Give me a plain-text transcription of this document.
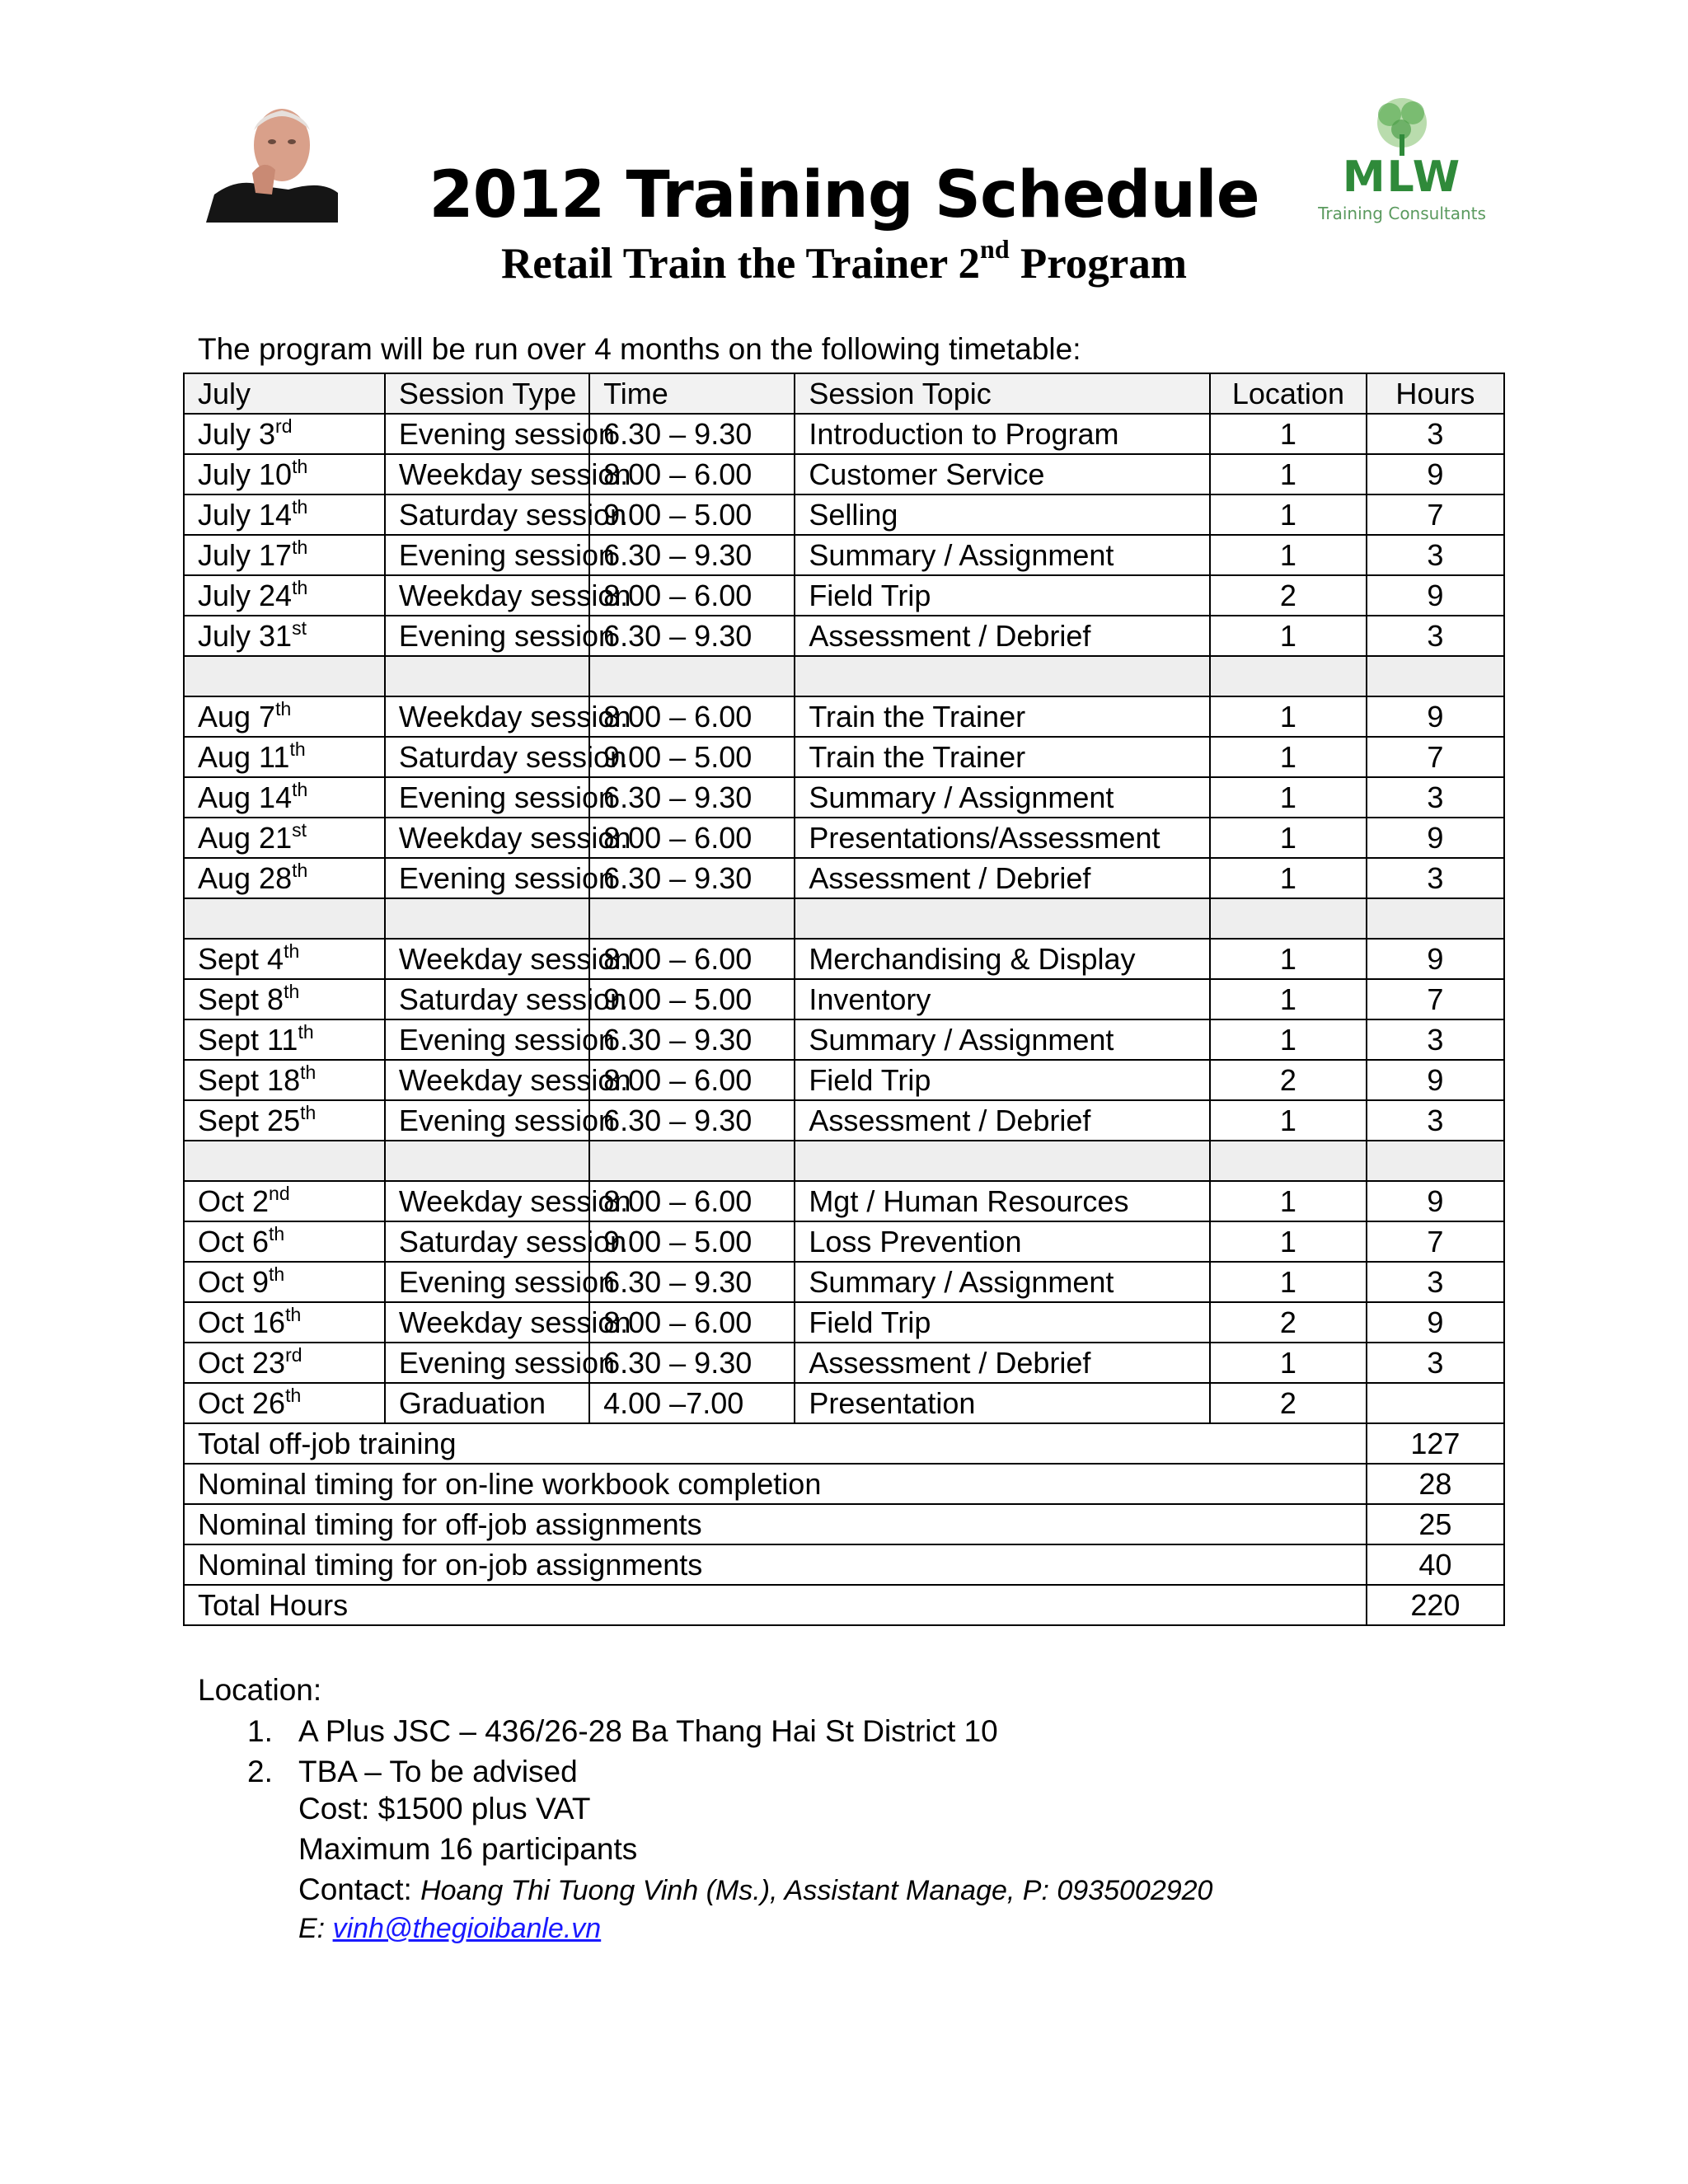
MLW
Training Consultants
2012 Training Schedule
Retail Train the Trainer 2nd Program
The program will be run over 4 months on the following timetable:
July	Session Type	Time	Session Topic	Location	Hours
July 3rd	Evening session	6.30 – 9.30	Introduction to Program	1	3
July 10th	Weekday session	8.00 – 6.00	Customer Service	1	9
July 14th	Saturday session	9.00 – 5.00	Selling	1	7
July 17th	Evening session	6.30 – 9.30	Summary / Assignment	1	3
July 24th	Weekday session	8.00 – 6.00	Field Trip	2	9
July 31st	Evening session	6.30 – 9.30	Assessment / Debrief	1	3

Aug 7th	Weekday session	8.00 – 6.00	Train the Trainer	1	9
Aug 11th	Saturday session	9.00 – 5.00	Train the Trainer	1	7
Aug 14th	Evening session	6.30 – 9.30	Summary / Assignment	1	3
Aug 21st	Weekday session	8.00 – 6.00	Presentations/Assessment	1	9
Aug 28th	Evening session	6.30 – 9.30	Assessment / Debrief	1	3

Sept 4th	Weekday session	8.00 – 6.00	Merchandising & Display	1	9
Sept 8th	Saturday session	9.00 – 5.00	Inventory	1	7
Sept 11th	Evening session	6.30 – 9.30	Summary / Assignment	1	3
Sept 18th	Weekday session	8.00 – 6.00	Field Trip	2	9
Sept 25th	Evening session	6.30 – 9.30	Assessment / Debrief	1	3

Oct 2nd	Weekday session	8.00 – 6.00	Mgt / Human Resources	1	9
Oct 6th	Saturday session	9.00 – 5.00	Loss Prevention	1	7
Oct 9th	Evening session	6.30 – 9.30	Summary / Assignment	1	3
Oct 16th	Weekday session	8.00 – 6.00	Field Trip	2	9
Oct 23rd	Evening session	6.30 – 9.30	Assessment / Debrief	1	3
Oct 26th	Graduation	4.00 –7.00	Presentation	2	
Total off-job training					127
Nominal timing for on-line workbook completion					28
Nominal timing for off-job assignments					25
Nominal timing for on-job assignments					40
Total Hours					220
Location:
1. A Plus JSC – 436/26-28 Ba Thang Hai St District 10
2. TBA – To be advised
Cost: $1500 plus VAT
Maximum 16 participants
Contact: Hoang Thi Tuong Vinh (Ms.), Assistant Manage, P: 0935002920
E: vinh@thegioibanle.vn
